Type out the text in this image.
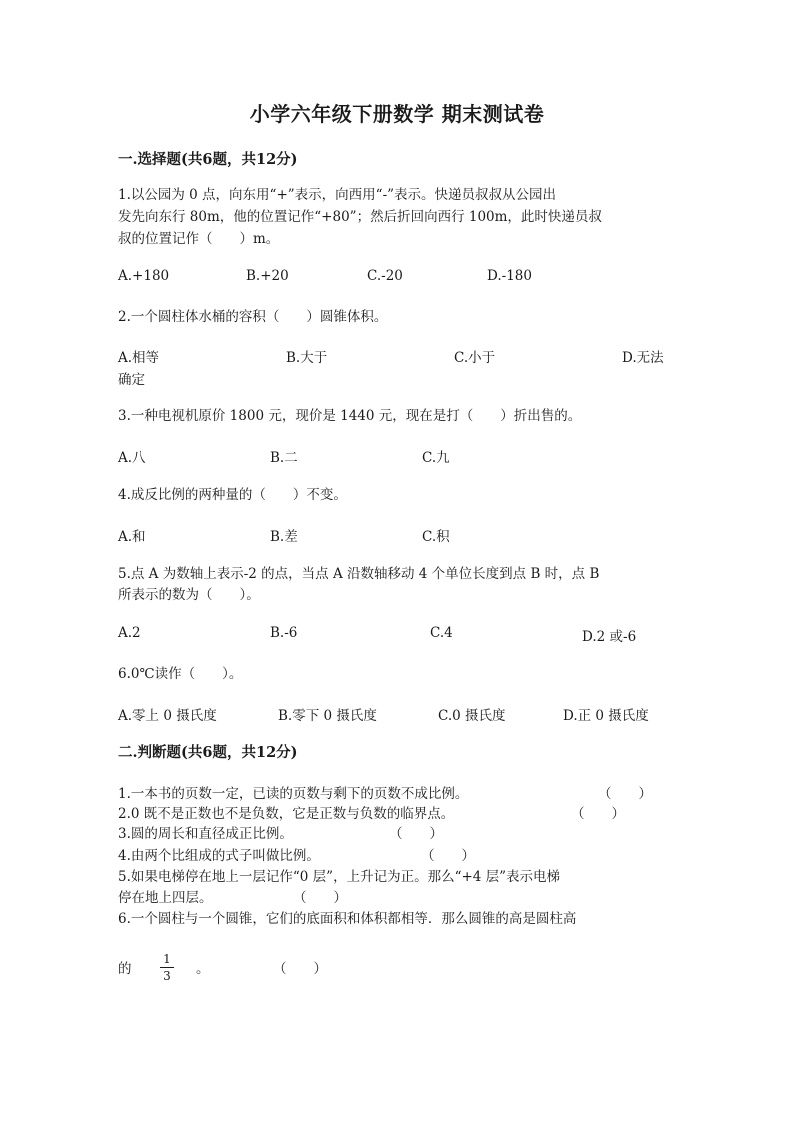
小学六年级下册数学 期末测试卷
一.选择题(共6题，共12分)
1.以公园为 0 点，向东用“+”表示，向西用“-”表示。快递员叔叔从公园出
发先向东行 80m，他的位置记作“+80”；然后折回向西行 100m，此时快递员叔
叔的位置记作（　　）m。
A.+180	B.+20	C.-20	D.-180
2.一个圆柱体水桶的容积（　　）圆锥体积。
A.相等	B.大于	C.小于	D.无法
确定
3.一种电视机原价 1800 元，现价是 1440 元，现在是打（　　）折出售的。
A.八	B.二	C.九
4.成反比例的两种量的（　　）不变。
A.和	B.差	C.积
5.点 A 为数轴上表示-2 的点，当点 A 沿数轴移动 4 个单位长度到点 B 时，点 B
所表示的数为（　　）。
A.2	B.-6	C.4	D.2 或-6
6.0℃读作（　　）。
A.零上 0 摄氏度	B.零下 0 摄氏度	C.0 摄氏度	D.正 0 摄氏度
二.判断题(共6题，共12分)
1.一本书的页数一定，已读的页数与剩下的页数不成比例。	（　　）
2.0 既不是正数也不是负数，它是正数与负数的临界点。	（　　）
3.圆的周长和直径成正比例。	（　　）
4.由两个比组成的式子叫做比例。	（　　）
5.如果电梯停在地上一层记作“0 层”，上升记为正。那么“+4 层”表示电梯
停在地上四层。	（　　）
6.一个圆柱与一个圆锥，它们的底面积和体积都相等．那么圆锥的高是圆柱高
的
1
3 。	（　　）
